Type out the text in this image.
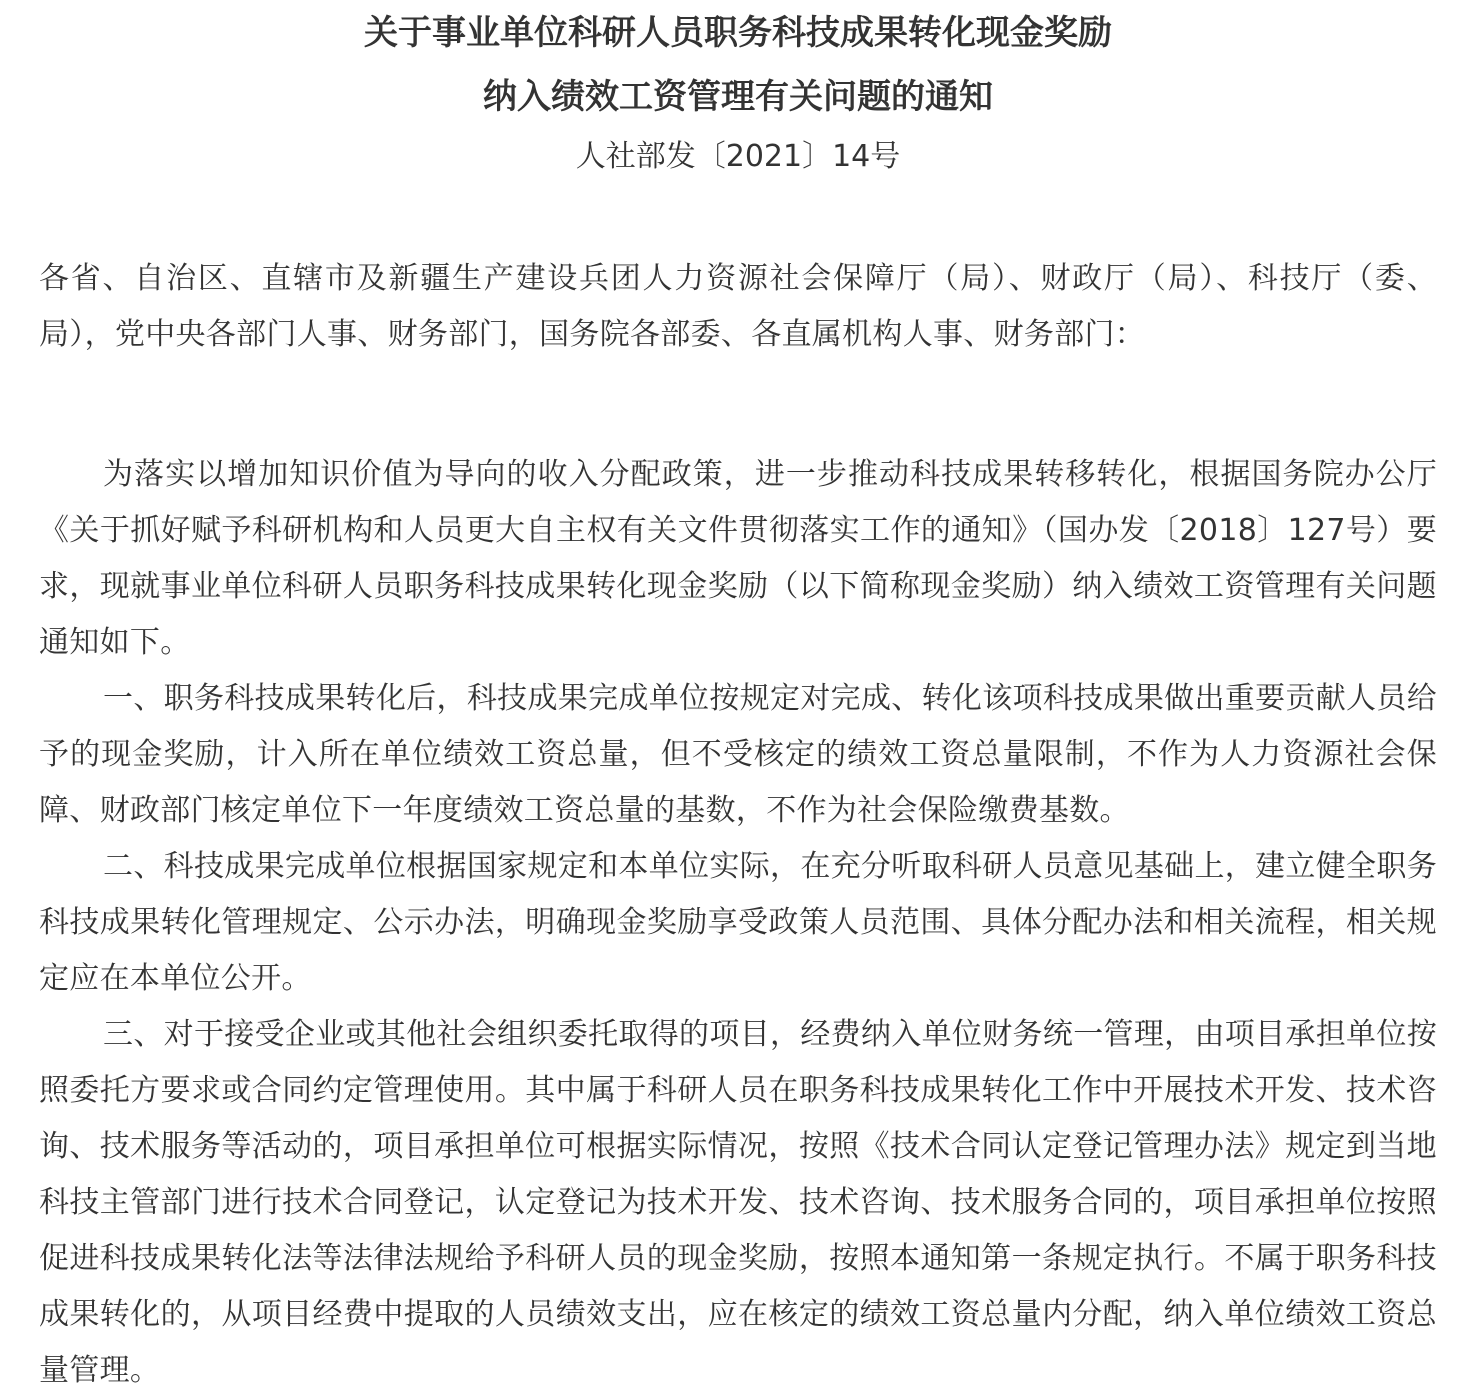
关于事业单位科研人员职务科技成果转化现金奖励
纳入绩效工资管理有关问题的通知

人社部发〔2021〕14号

各省、自治区、直辖市及新疆生产建设兵团人力资源社会保障厅（局）、财政厅（局）、科技厅（委、局），党中央各部门人事、财务部门，国务院各部委、各直属机构人事、财务部门：

为落实以增加知识价值为导向的收入分配政策，进一步推动科技成果转移转化，根据国务院办公厅《关于抓好赋予科研机构和人员更大自主权有关文件贯彻落实工作的通知》（国办发〔2018〕127号）要求，现就事业单位科研人员职务科技成果转化现金奖励（以下简称现金奖励）纳入绩效工资管理有关问题通知如下。

一、职务科技成果转化后，科技成果完成单位按规定对完成、转化该项科技成果做出重要贡献人员给予的现金奖励，计入所在单位绩效工资总量，但不受核定的绩效工资总量限制，不作为人力资源社会保障、财政部门核定单位下一年度绩效工资总量的基数，不作为社会保险缴费基数。

二、科技成果完成单位根据国家规定和本单位实际，在充分听取科研人员意见基础上，建立健全职务科技成果转化管理规定、公示办法，明确现金奖励享受政策人员范围、具体分配办法和相关流程，相关规定应在本单位公开。

三、对于接受企业或其他社会组织委托取得的项目，经费纳入单位财务统一管理，由项目承担单位按照委托方要求或合同约定管理使用。其中属于科研人员在职务科技成果转化工作中开展技术开发、技术咨询、技术服务等活动的，项目承担单位可根据实际情况，按照《技术合同认定登记管理办法》规定到当地科技主管部门进行技术合同登记，认定登记为技术开发、技术咨询、技术服务合同的，项目承担单位按照促进科技成果转化法等法律法规给予科研人员的现金奖励，按照本通知第一条规定执行。不属于职务科技成果转化的，从项目经费中提取的人员绩效支出，应在核定的绩效工资总量内分配，纳入单位绩效工资总量管理。
